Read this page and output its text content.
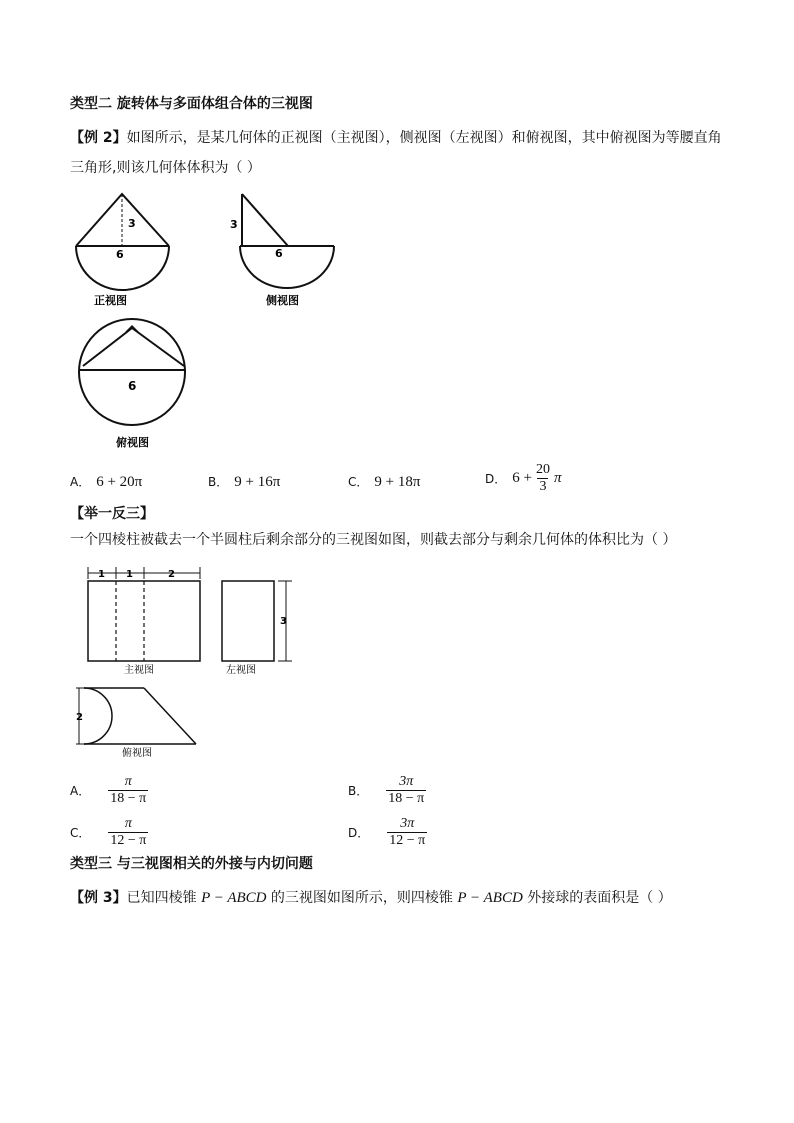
类型二 旋转体与多面体组合体的三视图
【例 2】如图所示，是某几何体的正视图（主视图），侧视图（左视图）和俯视图，其中俯视图为等腰直角
三角形,则该几何体体积为（ ）
3
6
正视图
3
6
侧视图
6
俯视图
A． 6 + 20π	B． 9 + 16π	C． 9 + 18π	D． $6 + \frac{20}{3}$ π
【举一反三】
一个四棱柱被截去一个半圆柱后剩余部分的三视图如图，则截去部分与剩余几何体的体积比为（ ）
1 1	2
主视图
3
左视图
2
俯视图
A． $\frac{\pi}{18 - \pi}$	B． $\frac{3\pi}{18 - \pi}$
C． $\frac{\pi}{12 - \pi}$	D． $\frac{3\pi}{12 - \pi}$
类型三 与三视图相关的外接与内切问题
【例 3】已知四棱锥 P − ABCD 的三视图如图所示，则四棱锥 P − ABCD 外接球的表面积是（ ）
